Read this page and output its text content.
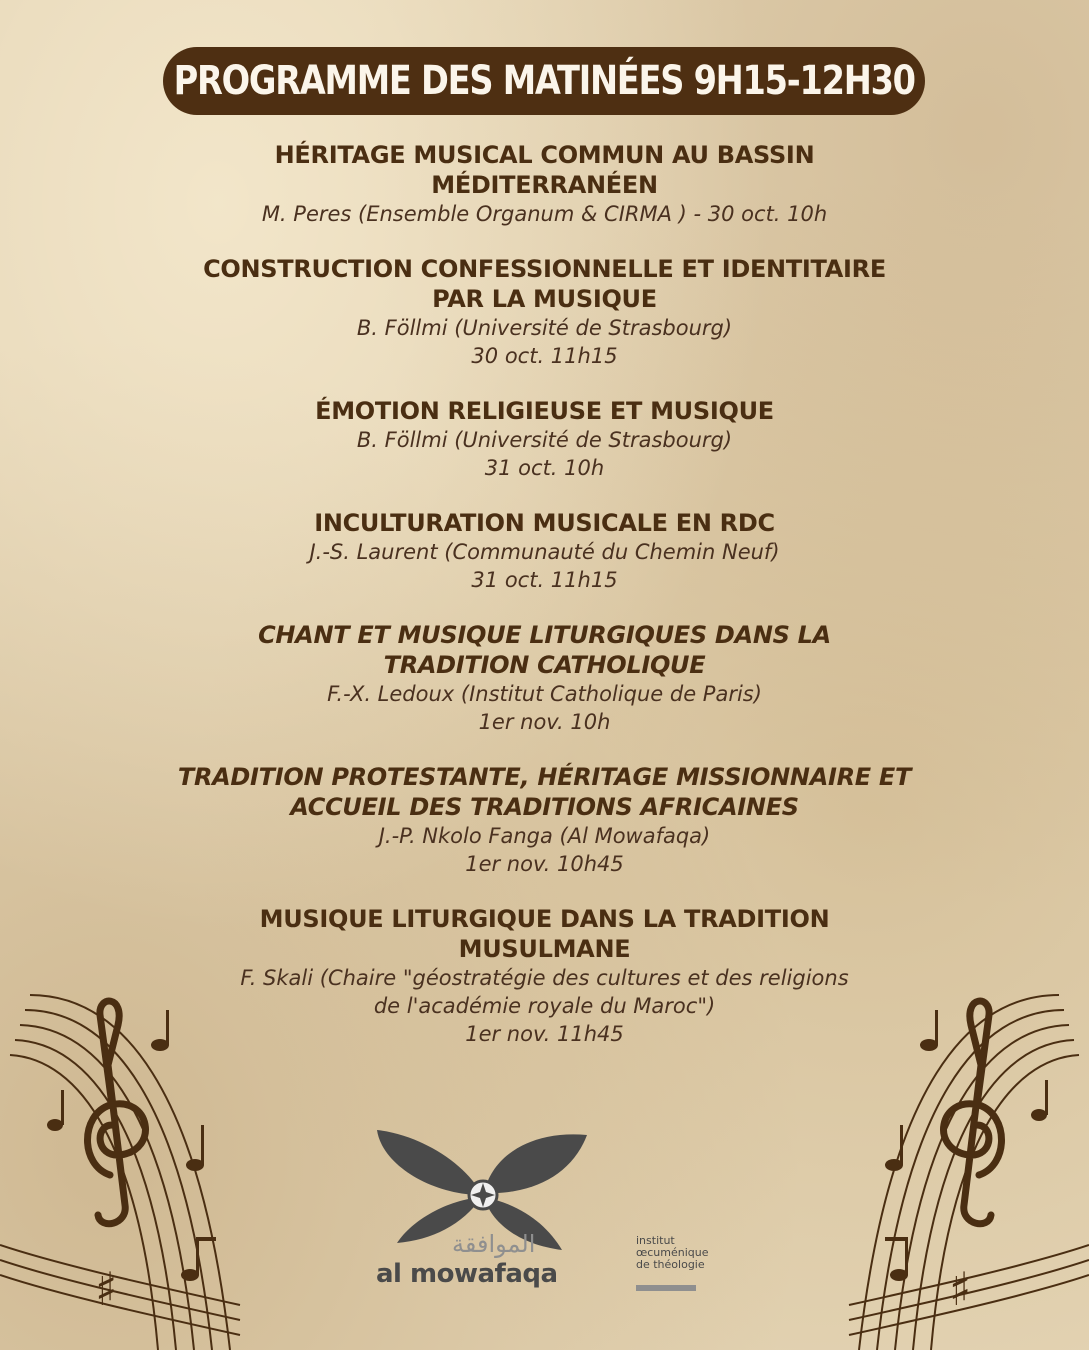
PROGRAMME DES MATINÉES 9H15-12H30
HÉRITAGE MUSICAL COMMUN AU BASSIN MÉDITERRANÉEN
M. Peres (Ensemble Organum & CIRMA ) - 30 oct. 10h
CONSTRUCTION CONFESSIONNELLE ET IDENTITAIRE PAR LA MUSIQUE
B. Föllmi (Université de Strasbourg)
30 oct. 11h15
ÉMOTION RELIGIEUSE ET MUSIQUE
B. Föllmi (Université de Strasbourg)
31 oct. 10h
INCULTURATION MUSICALE EN RDC
J.-S. Laurent (Communauté du Chemin Neuf)
31 oct. 11h15
CHANT ET MUSIQUE LITURGIQUES DANS LA TRADITION CATHOLIQUE
F.-X. Ledoux (Institut Catholique de Paris)
1er nov. 10h
TRADITION PROTESTANTE, HÉRITAGE MISSIONNAIRE ET ACCUEIL DES TRADITIONS AFRICAINES
J.-P. Nkolo Fanga (Al Mowafaqa)
1er nov. 10h45
MUSIQUE LITURGIQUE DANS LA TRADITION MUSULMANE
F. Skali (Chaire "géostratégie des cultures et des religions
de l'académie royale du Maroc")
1er nov. 11h45
♯	♯
الموافقة
al mowafaqa
institut
œcuménique
de théologie
